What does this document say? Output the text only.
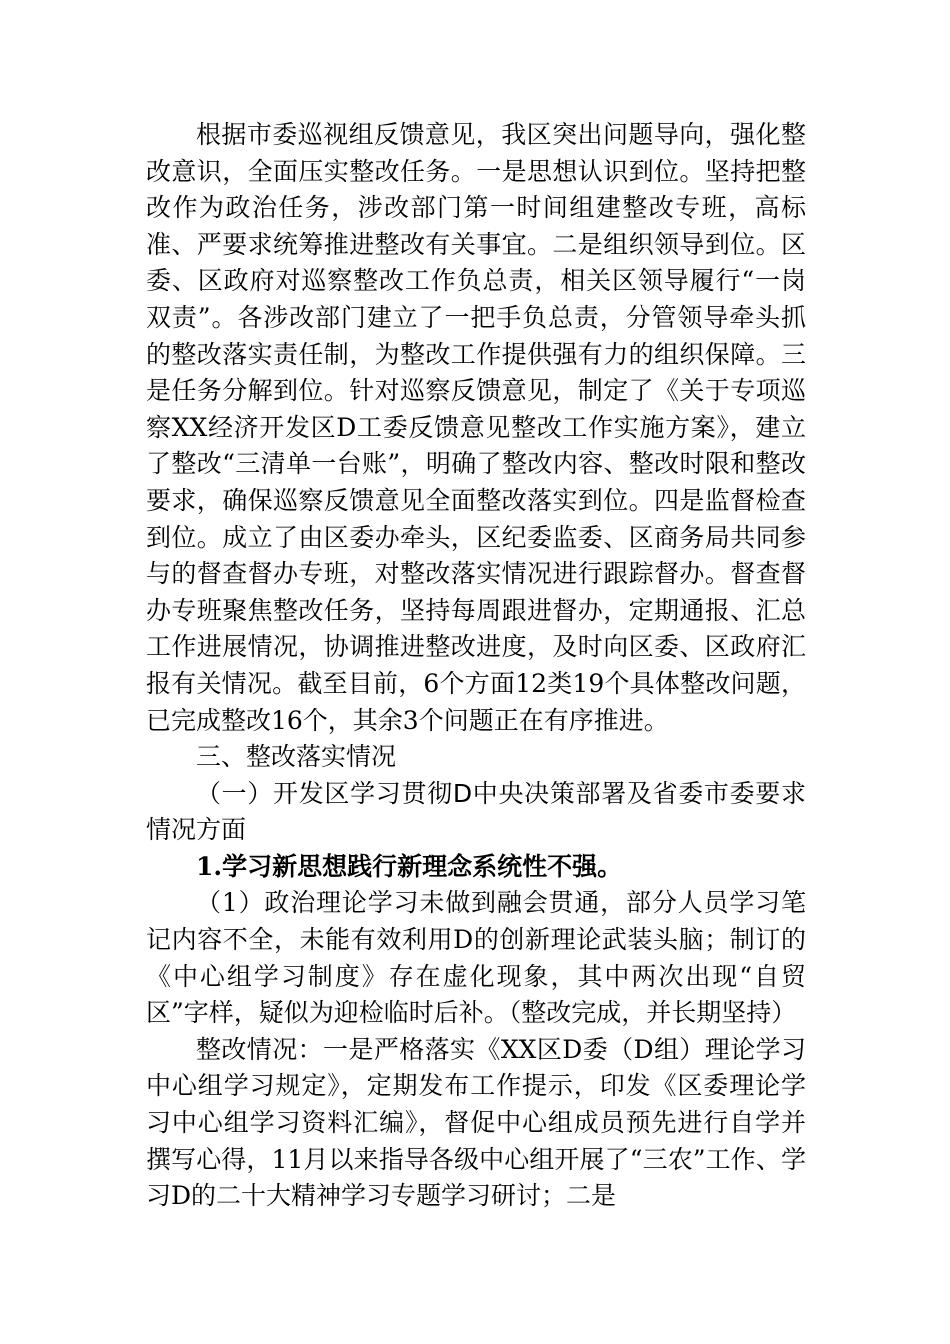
根据市委巡视组反馈意见，我区突出问题导向，强化整改意识，全面压实整改任务。一是思想认识到位。坚持把整改作为政治任务，涉改部门第一时间组建整改专班，高标准、严要求统筹推进整改有关事宜。二是组织领导到位。区委、区政府对巡察整改工作负总责，相关区领导履行“一岗双责”。各涉改部门建立了一把手负总责，分管领导牵头抓的整改落实责任制，为整改工作提供强有力的组织保障。三是任务分解到位。针对巡察反馈意见，制定了《关于专项巡察XX经济开发区D工委反馈意见整改工作实施方案》，建立了整改“三清单一台账”，明确了整改内容、整改时限和整改要求，确保巡察反馈意见全面整改落实到位。四是监督检查到位。成立了由区委办牵头，区纪委监委、区商务局共同参与的督查督办专班，对整改落实情况进行跟踪督办。督查督办专班聚焦整改任务，坚持每周跟进督办，定期通报、汇总工作进展情况，协调推进整改进度，及时向区委、区政府汇报有关情况。截至目前，6个方面12类19个具体整改问题，已完成整改16个，其余3个问题正在有序推进。

三、整改落实情况

（一）开发区学习贯彻D中央决策部署及省委市委要求情况方面

1.学习新思想践行新理念系统性不强。

（1）政治理论学习未做到融会贯通，部分人员学习笔记内容不全，未能有效利用D的创新理论武装头脑；制订的《中心组学习制度》存在虚化现象，其中两次出现“自贸区”字样，疑似为迎检临时后补。（整改完成，并长期坚持）

整改情况：一是严格落实《XX区D委（D组）理论学习中心组学习规定》，定期发布工作提示，印发《区委理论学习中心组学习资料汇编》，督促中心组成员预先进行自学并撰写心得，11月以来指导各级中心组开展了“三农”工作、学习D的二十大精神学习专题学习研讨；二是
